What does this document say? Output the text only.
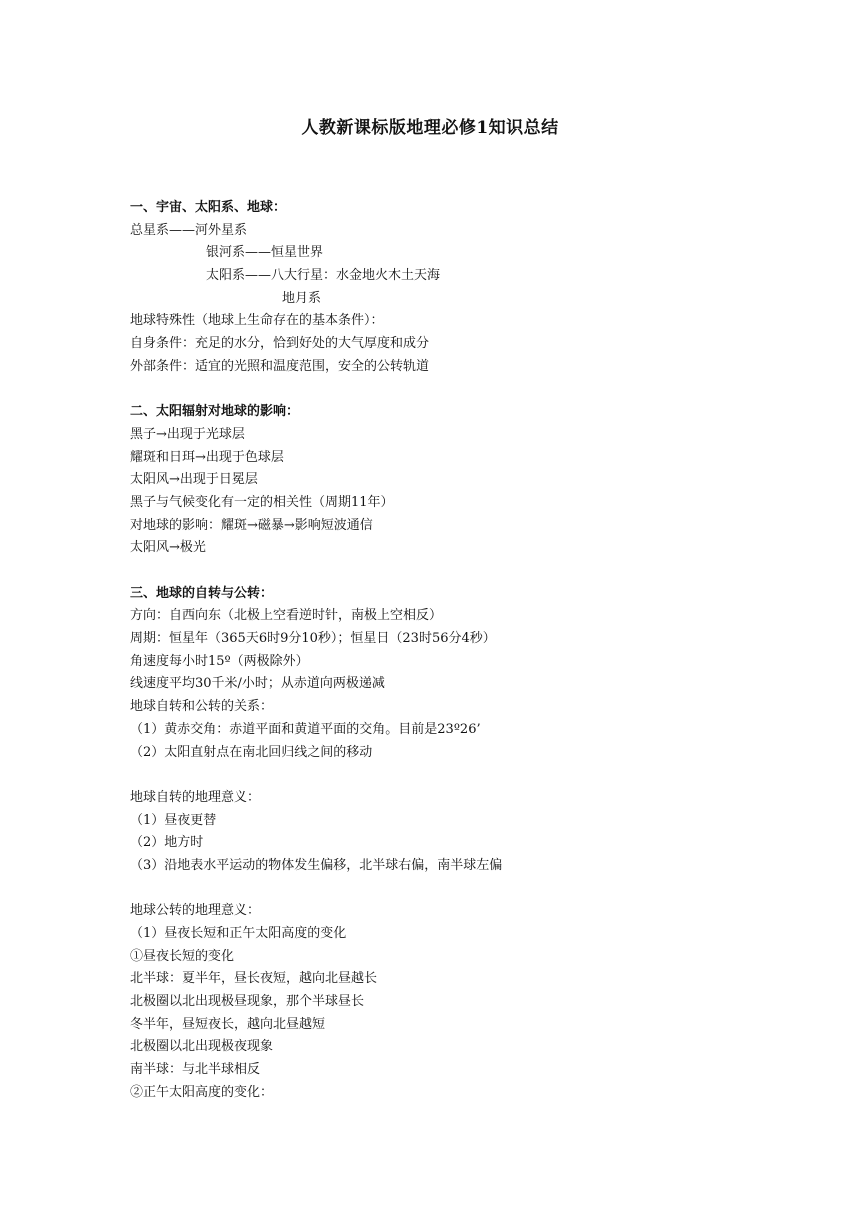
人教新课标版地理必修1知识总结
一、宇宙、太阳系、地球：
总星系——河外星系
银河系——恒星世界
太阳系——八大行星：水金地火木土天海
地月系
地球特殊性（地球上生命存在的基本条件）：
自身条件：充足的水分，恰到好处的大气厚度和成分
外部条件：适宜的光照和温度范围，安全的公转轨道
二、太阳辐射对地球的影响：
黑子→出现于光球层
耀斑和日珥→出现于色球层
太阳风→出现于日冕层
黑子与气候变化有一定的相关性（周期11年）
对地球的影响：耀斑→磁暴→影响短波通信
太阳风→极光
三、地球的自转与公转：
方向：自西向东（北极上空看逆时针，南极上空相反）
周期：恒星年（365天6时9分10秒）；恒星日（23时56分4秒）
角速度每小时15º（两极除外）
线速度平均30千米/小时；从赤道向两极递减
地球自转和公转的关系：
（1）黄赤交角：赤道平面和黄道平面的交角。目前是23º26’
（2）太阳直射点在南北回归线之间的移动
地球自转的地理意义：
（1）昼夜更替
（2）地方时
（3）沿地表水平运动的物体发生偏移，北半球右偏，南半球左偏
地球公转的地理意义：
（1）昼夜长短和正午太阳高度的变化
①昼夜长短的变化
北半球：夏半年，昼长夜短，越向北昼越长
北极圈以北出现极昼现象，那个半球昼长
冬半年，昼短夜长，越向北昼越短
北极圈以北出现极夜现象
南半球：与北半球相反
②正午太阳高度的变化：
